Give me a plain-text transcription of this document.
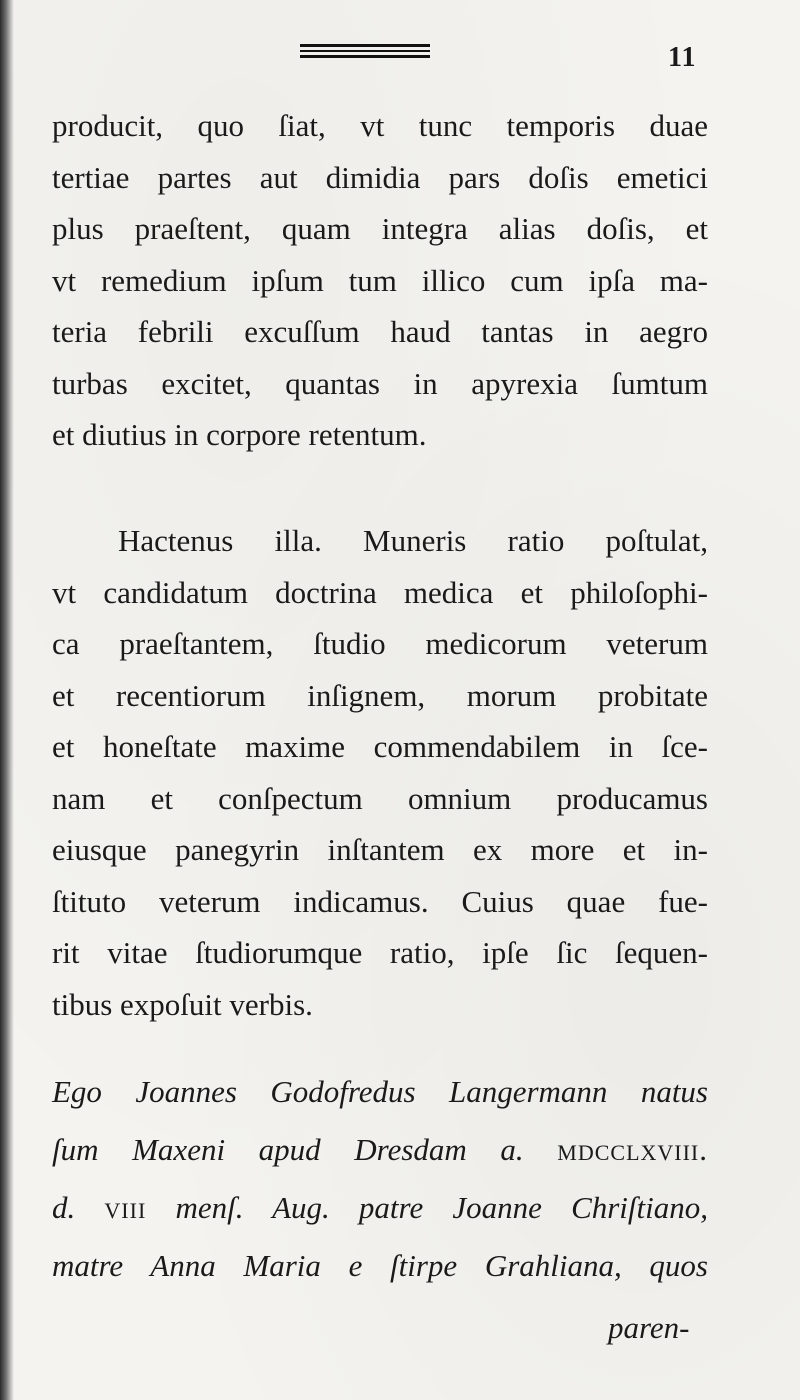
11
producit, quo ſiat, vt tunc temporis duae
tertiae partes aut dimidia pars doſis emetici
plus praeſtent, quam integra alias doſis, et
vt remedium ipſum tum illico cum ipſa ma-
teria febrili excuſſum haud tantas in aegro
turbas excitet, quantas in apyrexia ſumtum
et diutius in corpore retentum.
Hactenus illa. Muneris ratio poſtulat,
vt candidatum doctrina medica et philoſophi-
ca praeſtantem, ſtudio medicorum veterum
et recentiorum inſignem, morum probitate
et honeſtate maxime commendabilem in ſce-
nam et conſpectum omnium producamus
eiusque panegyrin inſtantem ex more et in-
ſtituto veterum indicamus. Cuius quae fue-
rit vitae ſtudiorumque ratio, ipſe ſic ſequen-
tibus expoſuit verbis.
Ego Joannes Godofredus Langermann natus
ſum Maxeni apud Dresdam a. mdcclxviii.
d. viii menſ. Aug. patre Joanne Chriſtiano,
matre Anna Maria e ſtirpe Grahliana, quos
paren-
